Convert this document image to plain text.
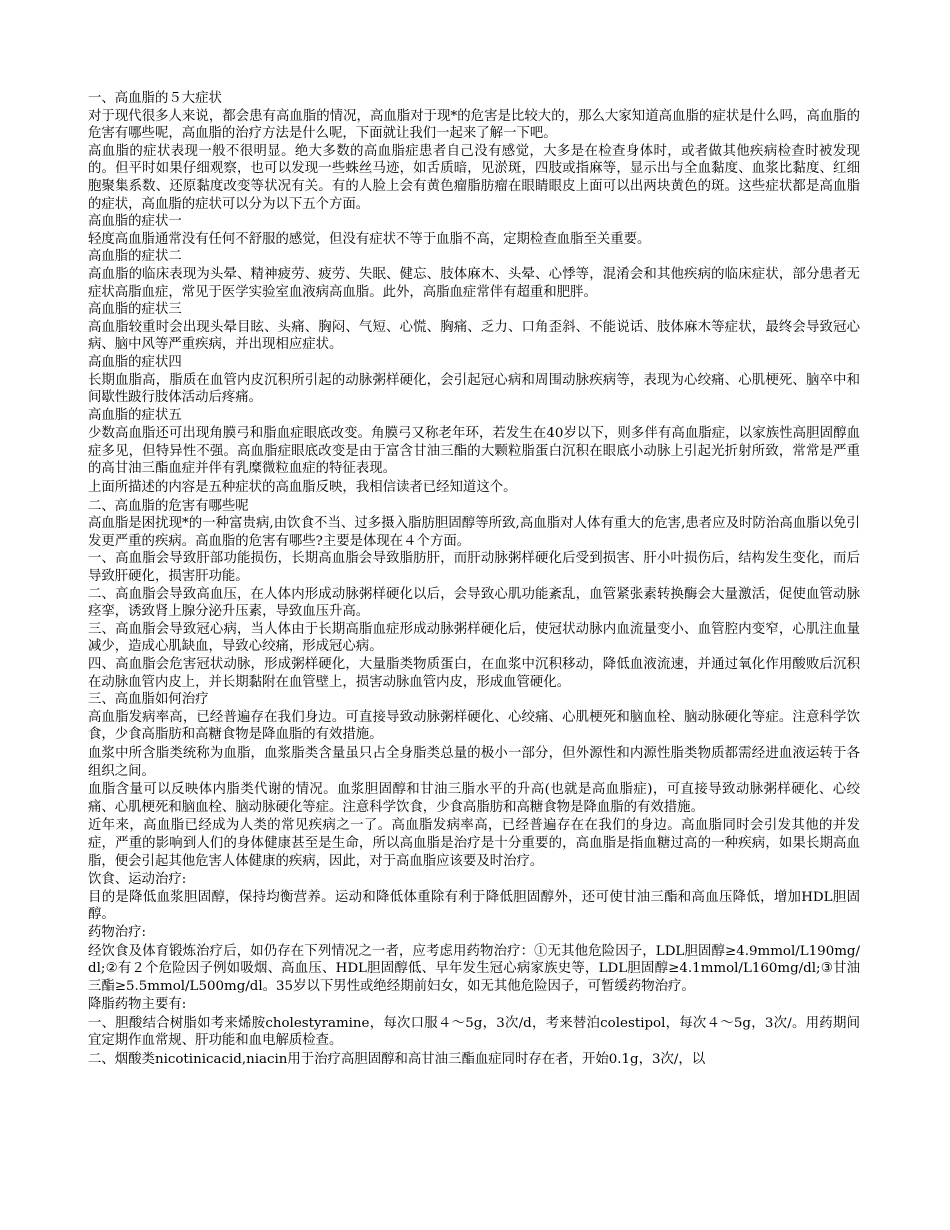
一、高血脂的５大症状

对于现代很多人来说，都会患有高血脂的情况，高血脂对于现*的危害是比较大的，那么大家知道高血脂的症状是什么吗，高血脂的危害有哪些呢，高血脂的治疗方法是什么呢，下面就让我们一起来了解一下吧。

高血脂的症状表现一般不很明显。绝大多数的高血脂症患者自己没有感觉，大多是在检查身体时，或者做其他疾病检查时被发现的。但平时如果仔细观察，也可以发现一些蛛丝马迹，如舌质暗，见淤斑，四肢或指麻等，显示出与全血黏度、血浆比黏度、红细胞聚集系数、还原黏度改变等状况有关。有的人脸上会有黄色瘤脂肪瘤在眼睛眼皮上面可以出两块黄色的斑。这些症状都是高血脂的症状，高血脂的症状可以分为以下五个方面。

高血脂的症状一

轻度高血脂通常没有任何不舒服的感觉，但没有症状不等于血脂不高，定期检查血脂至关重要。

高血脂的症状二

高血脂的临床表现为头晕、精神疲劳、疲劳、失眠、健忘、肢体麻木、头晕、心悸等，混淆会和其他疾病的临床症状，部分患者无症状高脂血症，常见于医学实验室血液病高血脂。此外，高脂血症常伴有超重和肥胖。

高血脂的症状三

高血脂较重时会出现头晕目眩、头痛、胸闷、气短、心慌、胸痛、乏力、口角歪斜、不能说话、肢体麻木等症状，最终会导致冠心病、脑中风等严重疾病，并出现相应症状。

高血脂的症状四

长期血脂高，脂质在血管内皮沉积所引起的动脉粥样硬化，会引起冠心病和周围动脉疾病等，表现为心绞痛、心肌梗死、脑卒中和间歇性跛行肢体活动后疼痛。

高血脂的症状五

少数高血脂还可出现角膜弓和脂血症眼底改变。角膜弓又称老年环，若发生在40岁以下，则多伴有高血脂症，以家族性高胆固醇血症多见，但特异性不强。高血脂症眼底改变是由于富含甘油三酯的大颗粒脂蛋白沉积在眼底小动脉上引起光折射所致，常常是严重的高甘油三酯血症并伴有乳糜微粒血症的特征表现。

上面所描述的内容是五种症状的高血脂反映，我相信读者已经知道这个。

二、高血脂的危害有哪些呢

高血脂是困扰现*的一种富贵病,由饮食不当、过多摄入脂肪胆固醇等所致,高血脂对人体有重大的危害,患者应及时防治高血脂以免引发更严重的疾病。高血脂的危害有哪些?主要是体现在４个方面。

一、高血脂会导致肝部功能损伤，长期高血脂会导致脂肪肝，而肝动脉粥样硬化后受到损害、肝小叶损伤后，结构发生变化，而后导致肝硬化，损害肝功能。

二、高血脂会导致高血压，在人体内形成动脉粥样硬化以后，会导致心肌功能紊乱，血管紧张素转换酶会大量激活，促使血管动脉痉挛，诱致肾上腺分泌升压素，导致血压升高。

三、高血脂会导致冠心病，当人体由于长期高脂血症形成动脉粥样硬化后，使冠状动脉内血流量变小、血管腔内变窄，心肌注血量减少，造成心肌缺血，导致心绞痛，形成冠心病。

四、高血脂会危害冠状动脉，形成粥样硬化，大量脂类物质蛋白，在血浆中沉积移动，降低血液流速，并通过氧化作用酸败后沉积在动脉血管内皮上，并长期黏附在血管壁上，损害动脉血管内皮，形成血管硬化。

三、高血脂如何治疗

高血脂发病率高，已经普遍存在我们身边。可直接导致动脉粥样硬化、心绞痛、心肌梗死和脑血栓、脑动脉硬化等症。注意科学饮食，少食高脂肪和高糖食物是降血脂的有效措施。

血浆中所含脂类统称为血脂，血浆脂类含量虽只占全身脂类总量的极小一部分，但外源性和内源性脂类物质都需经进血液运转于各组织之间。

血脂含量可以反映体内脂类代谢的情况。血浆胆固醇和甘油三脂水平的升高(也就是高血脂症)，可直接导致动脉粥样硬化、心绞痛、心肌梗死和脑血栓、脑动脉硬化等症。注意科学饮食，少食高脂肪和高糖食物是降血脂的有效措施。

近年来，高血脂已经成为人类的常见疾病之一了。高血脂发病率高，已经普遍存在在我们的身边。高血脂同时会引发其他的并发症，严重的影响到人们的身体健康甚至是生命，所以高血脂是治疗是十分重要的，高血脂是指血糖过高的一种疾病，如果长期高血脂，便会引起其他危害人体健康的疾病，因此，对于高血脂应该要及时治疗。

饮食、运动治疗:

目的是降低血浆胆固醇，保持均衡营养。运动和降低体重除有利于降低胆固醇外，还可使甘油三酯和高血压降低，增加HDL胆固醇。

药物治疗:

经饮食及体育锻炼治疗后，如仍存在下列情况之一者，应考虑用药物治疗：①无其他危险因子，LDL胆固醇≥4.9mmol/L190mg/dl;②有２个危险因子例如吸烟、高血压、HDL胆固醇低、早年发生冠心病家族史等，LDL胆固醇≥4.1mmol/L160mg/dl;③甘油三酯≥5.5mmol/L500mg/dl。35岁以下男性或绝经期前妇女，如无其他危险因子，可暂缓药物治疗。

降脂药物主要有:

一、胆酸结合树脂如考来烯胺cholestyramine，每次口服４～5g，3次/d，考来替泊colestipol，每次４～5g，3次/。用药期间宜定期作血常规、肝功能和血电解质检查。

二、烟酸类nicotinicacid,niacin用于治疗高胆固醇和高甘油三酯血症同时存在者，开始0.1g，3次/，以
